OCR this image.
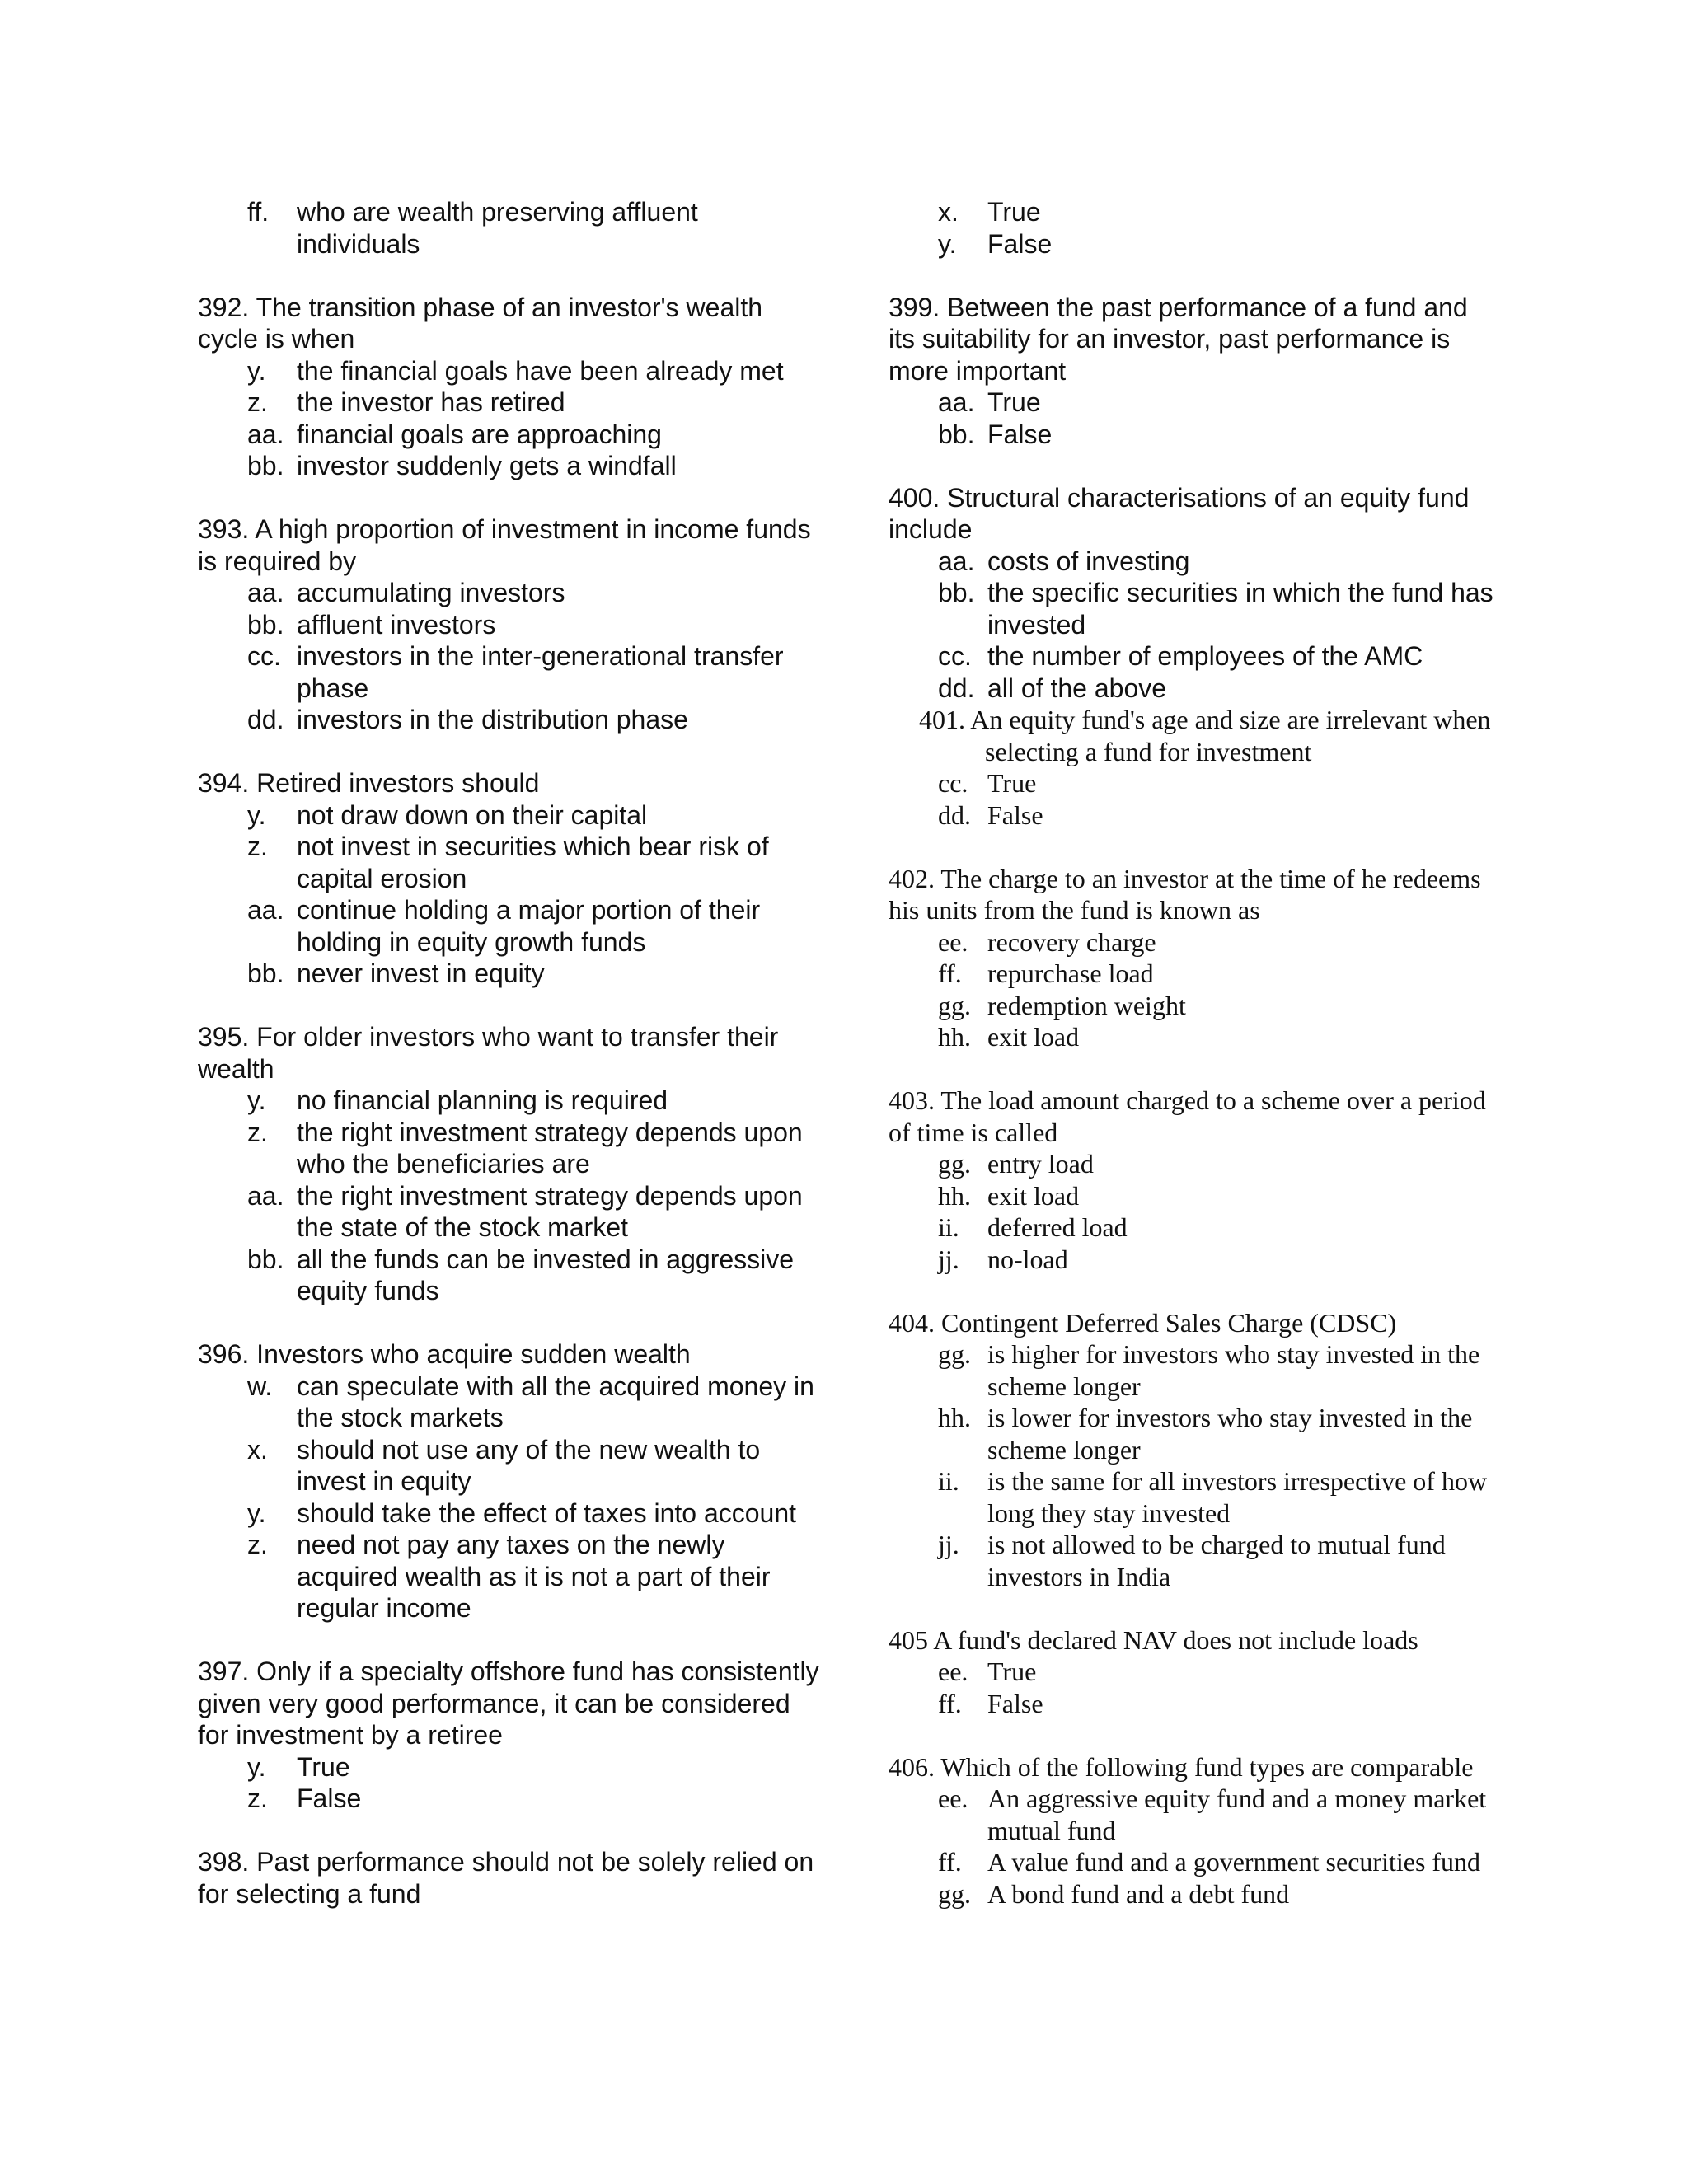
ff.	who are wealth preserving affluent individuals

392. The transition phase of an investor's wealth cycle is when

y.	the financial goals have been already met
z.	the investor has retired
aa. financial goals are approaching
bb. investor suddenly gets a windfall

393. A high proportion of investment in income funds is required by

aa. accumulating investors
bb. affluent investors
cc. investors in the inter-generational transfer phase
dd. investors in the distribution phase

394. Retired investors should

y.	not draw down on their capital
z.	not invest in securities which bear risk of capital erosion
aa. continue holding a major portion of their holding in equity growth funds
bb. never invest in equity

395. For older investors who want to transfer their wealth

y.	no financial planning is required
z.	the right investment strategy depends upon who the beneficiaries are
aa. the right investment strategy depends upon the state of the stock market
bb. all the funds can be invested in aggressive equity funds

396. Investors who acquire sudden wealth

w. can speculate with all the acquired money in the stock markets
x.	should not use any of the new wealth to invest in equity
y.	should take the effect of taxes into account
z.	need not pay any taxes on the newly acquired wealth as it is not a part of their regular income

397. Only if a specialty offshore fund has consistently given very good performance, it can be considered for investment by a retiree

y.	True
z.	False

398. Past performance should not be solely relied on for selecting a fund

x.	True
y.	False

399. Between the past performance of a fund and its suitability for an investor, past performance is more important

aa. True
bb. False

400. Structural characterisations of an equity fund include

aa. costs of investing
bb. the specific securities in which the fund has invested
cc. the number of employees of the AMC
dd. all of the above

401. An equity fund's age and size are irrelevant when selecting a fund for investment

cc. True
dd. False

402. The charge to an investor at the time of he redeems his units from the fund is known as

ee. recovery charge
ff. repurchase load
gg. redemption weight
hh. exit load

403. The load amount charged to a scheme over a period of time is called

gg. entry load
hh. exit load
ii.	deferred load
jj.	no-load

404. Contingent Deferred Sales Charge (CDSC)

gg. is higher for investors who stay invested in the scheme longer
hh. is lower for investors who stay invested in the scheme longer
ii.	is the same for all investors irrespective of how long they stay invested
jj.	is not allowed to be charged to mutual fund investors in India

405 A fund's declared NAV does not include loads

ee. True
ff. False

406. Which of the following fund types are comparable

ee. An aggressive equity fund and a money market mutual fund
ff. A value fund and a government securities fund
gg. A bond fund and a debt fund
